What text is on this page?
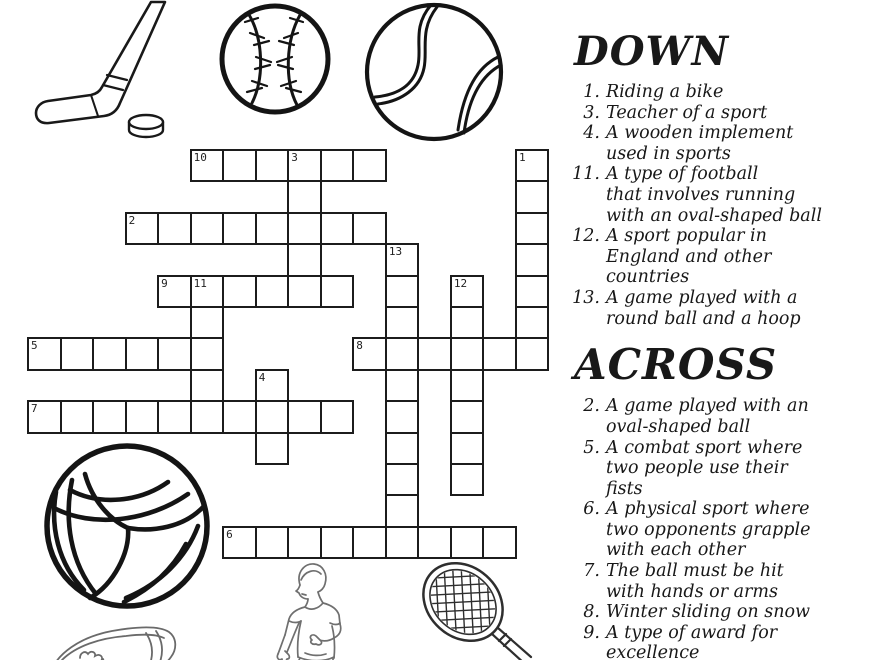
10	3	1
2
13
9 11	12
5	8
4
7
6
DOWN
1. Riding a bike
3. Teacher of a sport
4. A wooden implement
used in sports
11. A type of football
that involves running
with an oval-shaped ball
12. A sport popular in
England and other
countries
13. A game played with a
round ball and a hoop
ACROSS
2. A game played with an
oval-shaped ball
5. A combat sport where
two people use their
fists
6. A physical sport where
two opponents grapple
with each other
7. The ball must be hit
with hands or arms
8. Winter sliding on snow
9. A type of award for
excellence
